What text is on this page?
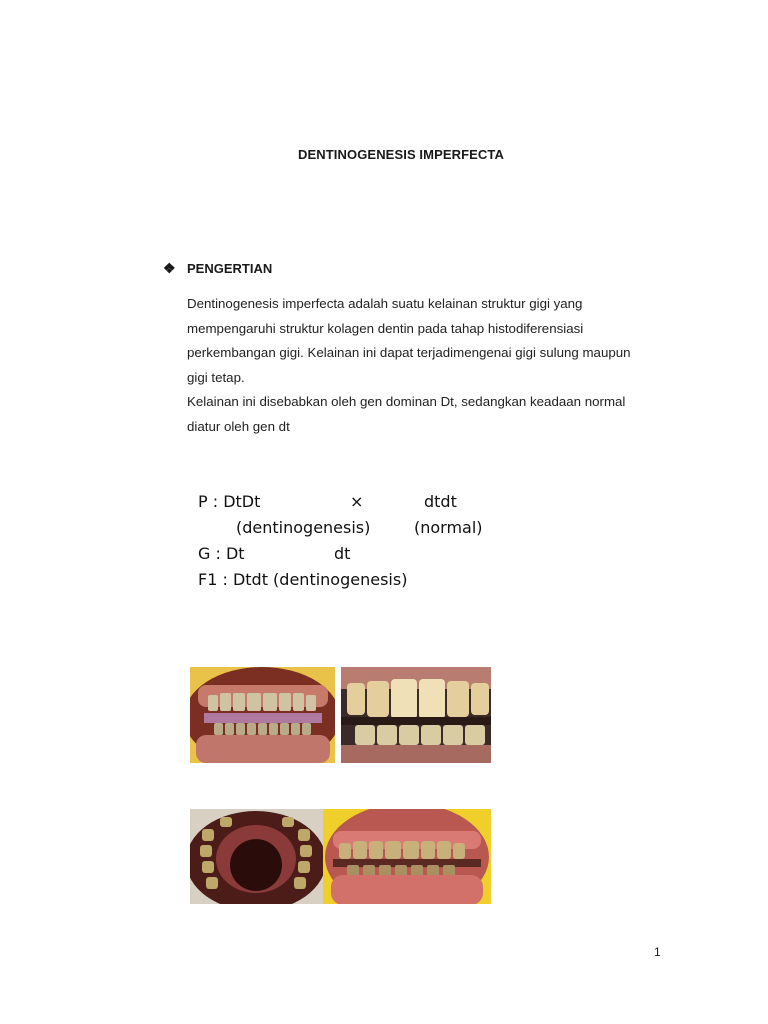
DENTINOGENESIS IMPERFECTA
❖ PENGERTIAN

Dentinogenesis imperfecta adalah suatu kelainan struktur gigi yang

mempengaruhi struktur kolagen dentin pada tahap histodiferensiasi

perkembangan gigi. Kelainan ini dapat terjadimengenai gigi sulung maupun

gigi tetap.

Kelainan ini disebabkan oleh gen dominan Dt, sedangkan keadaan normal

diatur oleh gen dt

P : DtDt	×	dtdt
(dentinogenesis)	(normal)
G : Dt	dt
F1 : Dtdt (dentinogenesis)
1
